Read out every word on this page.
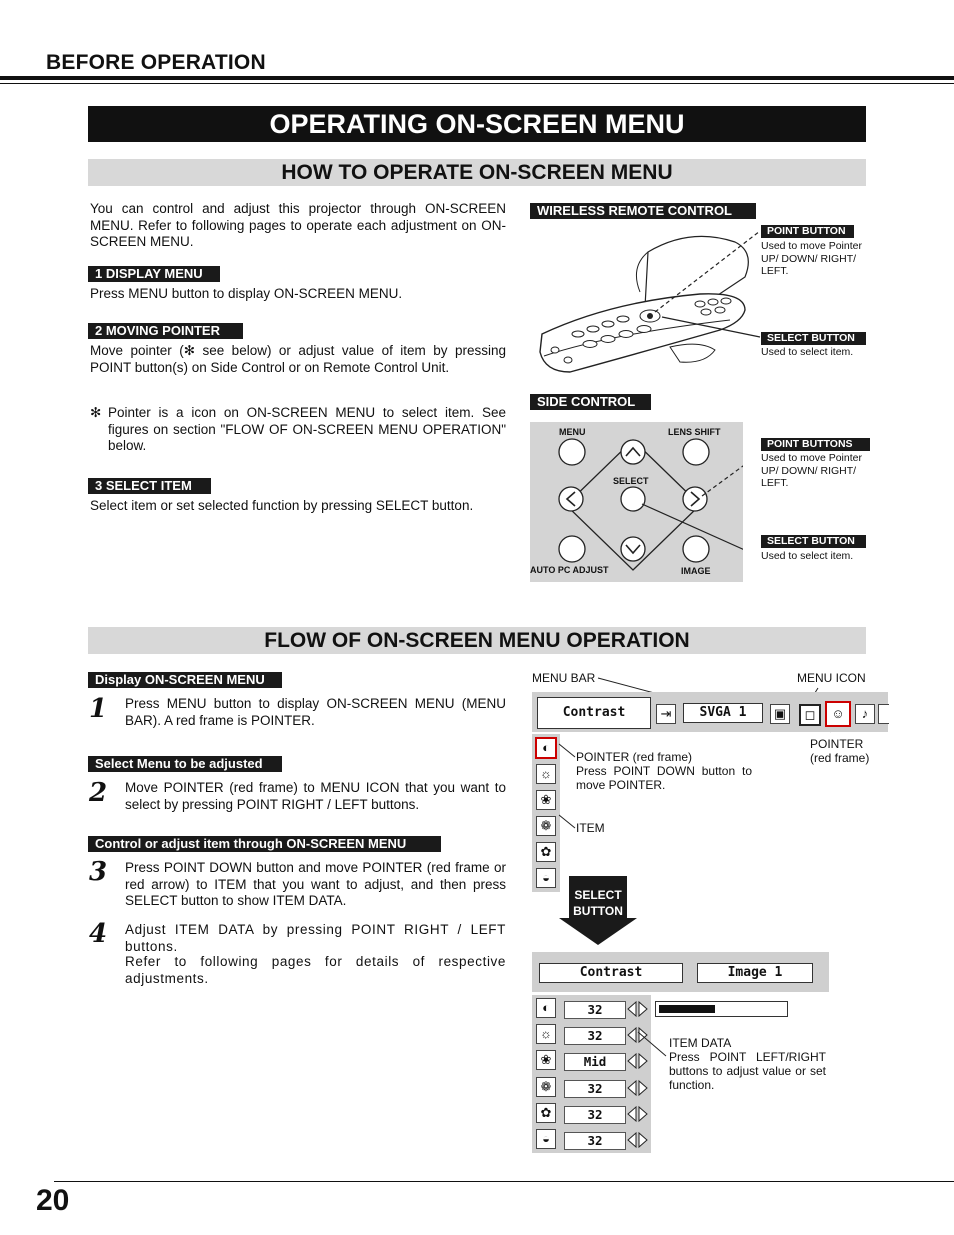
BEFORE OPERATION
OPERATING ON-SCREEN MENU
HOW TO OPERATE ON-SCREEN MENU
You can control and adjust this projector through ON-SCREEN MENU. Refer to following pages to operate each adjustment on ON-SCREEN MENU.
1 DISPLAY MENU
Press MENU button to display ON-SCREEN MENU.
2 MOVING POINTER
Move pointer (✻ see below) or adjust value of item by pressing POINT button(s) on Side Control or on Remote Control Unit.
✻ Pointer is a icon on ON-SCREEN MENU to select item. See figures on section "FLOW OF ON-SCREEN MENU OPERATION" below.
3 SELECT ITEM
Select item or set selected function by pressing SELECT button.
WIRELESS REMOTE CONTROL
POINT BUTTON
Used to move Pointer UP/ DOWN/ RIGHT/ LEFT.
SELECT BUTTON
Used to select item.
SIDE CONTROL
MENU	LENS SHIFT
SELECT
AUTO PC ADJUST	IMAGE
POINT BUTTONS
Used to move Pointer UP/ DOWN/ RIGHT/ LEFT.
SELECT BUTTON
Used to select item.
FLOW OF ON-SCREEN MENU OPERATION
Display ON-SCREEN MENU
1 Press MENU button to display ON-SCREEN MENU (MENU BAR). A red frame is POINTER.
Select Menu to be adjusted
2 Move POINTER (red frame) to MENU ICON that you want to select by pressing POINT RIGHT / LEFT buttons.
Control or adjust item through ON-SCREEN MENU
3 Press POINT DOWN button and move POINTER (red frame or red arrow) to ITEM that you want to adjust, and then press SELECT button to show ITEM DATA.
4 Adjust ITEM DATA by pressing POINT RIGHT / LEFT buttons.
Refer to following pages for details of respective adjustments.
MENU BAR	MENU ICON
Contrast	⇥	SVGA 1	▣	◻	☺	♪
POINTER (red frame)
◐
☼
❀
❁
✿
◒
POINTER (red frame)
Press POINT DOWN button to move POINTER.
ITEM
SELECT BUTTON
Contrast	Image 1
◐
☼
❀
❁
✿
◒
32
32
Mid
32
32
32
ITEM DATA
Press POINT LEFT/RIGHT buttons to adjust value or set function.
20
